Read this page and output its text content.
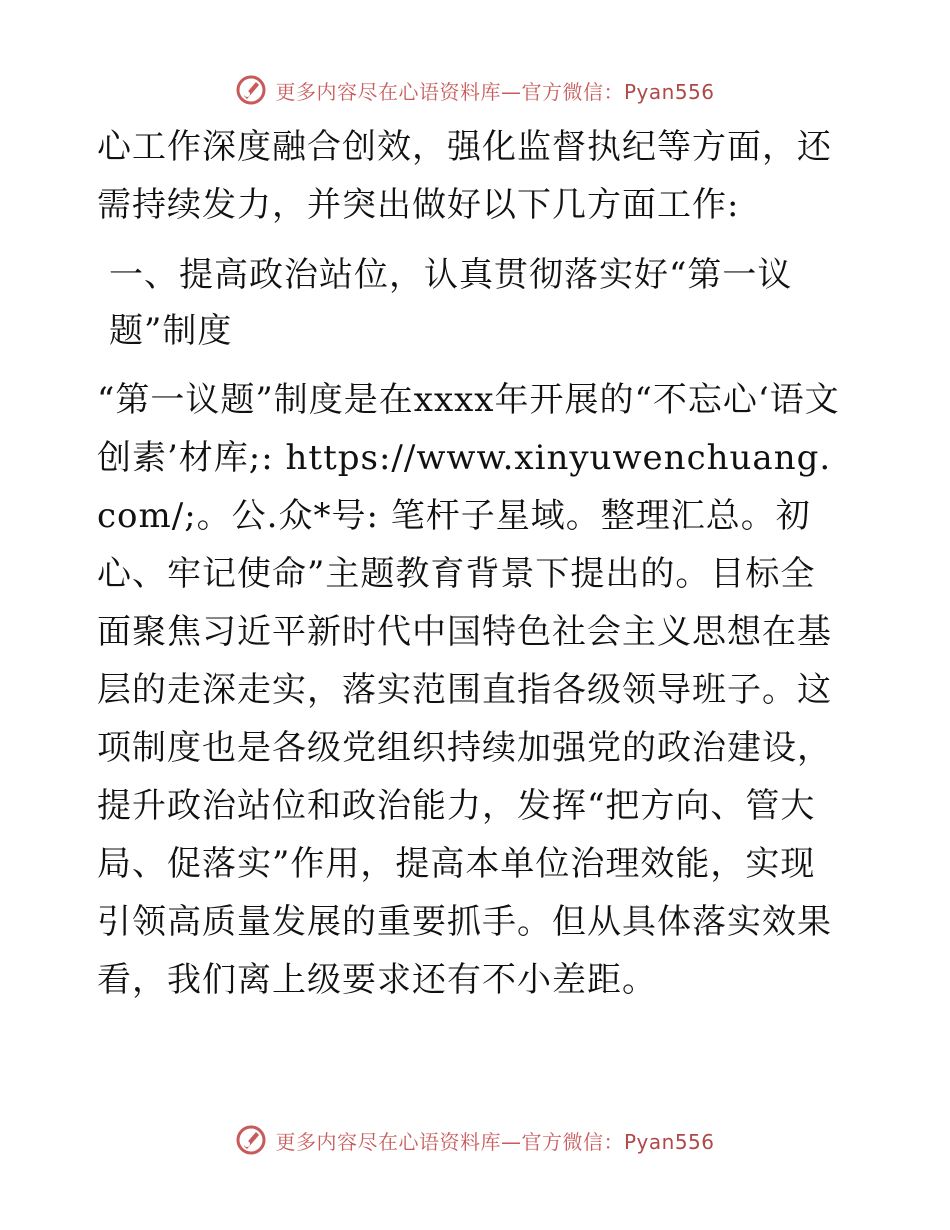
更多内容尽在心语资料库—官方微信：Pyan556

心工作深度融合创效，强化监督执纪等方面，还需持续发力，并突出做好以下几方面工作:

一、提高政治站位，认真贯彻落实好“第一议题”制度

“第一议题”制度是在xxxx年开展的“不忘心‘语文创素’材库;: https://www.xinyuwenchuang.com/;。公.众*号: 笔杆子星域。整理汇总。初心、牢记使命”主题教育背景下提出的。目标全面聚焦习近平新时代中国特色社会主义思想在基层的走深走实，落实范围直指各级领导班子。这项制度也是各级党组织持续加强党的政治建设，提升政治站位和政治能力，发挥“把方向、管大局、促落实”作用，提高本单位治理效能，实现引领高质量发展的重要抓手。但从具体落实效果看，我们离上级要求还有不小差距。

更多内容尽在心语资料库—官方微信：Pyan556
